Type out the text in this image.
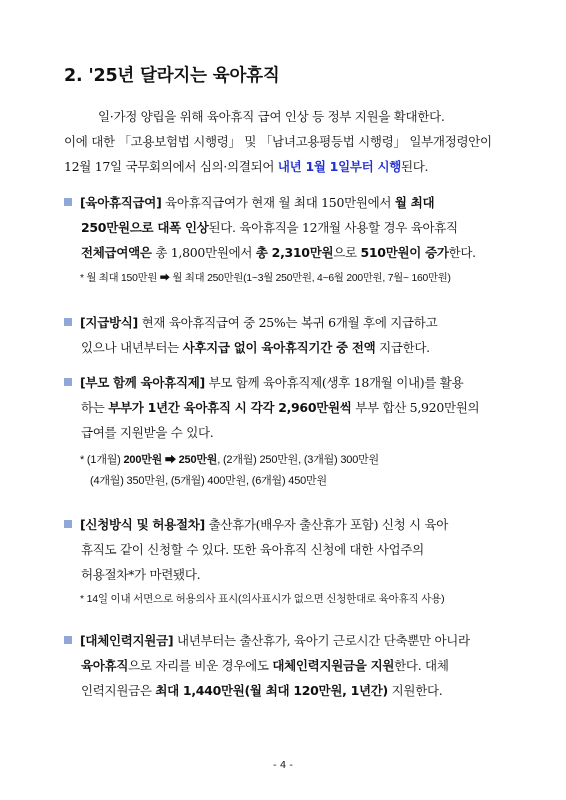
2. '25년 달라지는 육아휴직
일·가정 양립을 위해 육아휴직 급여 인상 등 정부 지원을 확대한다.
이에 대한 「고용보험법 시행령」 및 「남녀고용평등법 시행령」 일부개정령안이
12월 17일 국무회의에서 심의·의결되어 내년 1월 1일부터 시행된다.
[육아휴직급여] 육아휴직급여가 현재 월 최대 150만원에서 월 최대
250만원으로 대폭 인상된다. 육아휴직을 12개월 사용할 경우 육아휴직
전체급여액은 총 1,800만원에서 총 2,310만원으로 510만원이 증가한다.
* 월 최대 150만원 ➡ 월 최대 250만원(1~3월 250만원, 4~6월 200만원, 7월~ 160만원)
[지급방식] 현재 육아휴직급여 중 25%는 복귀 6개월 후에 지급하고
있으나 내년부터는 사후지급 없이 육아휴직기간 중 전액 지급한다.
[부모 함께 육아휴직제] 부모 함께 육아휴직제(생후 18개월 이내)를 활용
하는 부부가 1년간 육아휴직 시 각각 2,960만원씩 부부 합산 5,920만원의
급여를 지원받을 수 있다.
* (1개월) 200만원 ➡ 250만원, (2개월) 250만원, (3개월) 300만원
(4개월) 350만원, (5개월) 400만원, (6개월) 450만원
[신청방식 및 허용절차] 출산휴가(배우자 출산휴가 포함) 신청 시 육아
휴직도 같이 신청할 수 있다. 또한 육아휴직 신청에 대한 사업주의
허용절차*가 마련됐다.
* 14일 이내 서면으로 허용의사 표시(의사표시가 없으면 신청한대로 육아휴직 사용)
[대체인력지원금] 내년부터는 출산휴가, 육아기 근로시간 단축뿐만 아니라
육아휴직으로 자리를 비운 경우에도 대체인력지원금을 지원한다. 대체
인력지원금은 최대 1,440만원(월 최대 120만원, 1년간) 지원한다.
- 4 -
